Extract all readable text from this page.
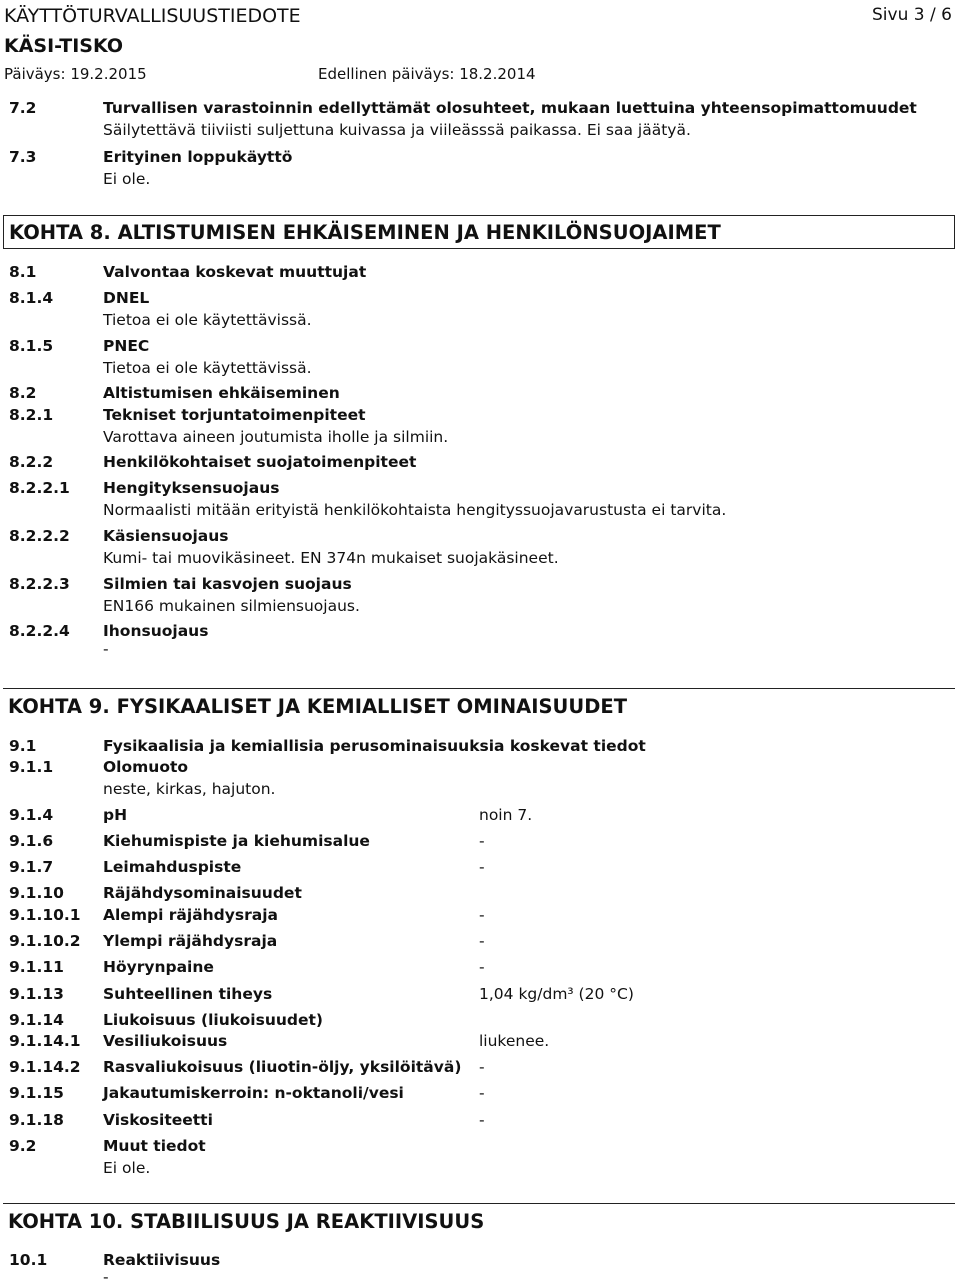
KÄYTTÖTURVALLISUUSTIEDOTE	Sivu 3 / 6
KÄSI-TISKO
Päiväys: 19.2.2015	Edellinen päiväys: 18.2.2014
7.2	Turvallisen varastoinnin edellyttämät olosuhteet, mukaan luettuina yhteensopimattomuudet
Säilytettävä tiiviisti suljettuna kuivassa ja viileässsä paikassa. Ei saa jäätyä.
7.3	Erityinen loppukäyttö
Ei ole.
KOHTA 8. ALTISTUMISEN EHKÄISEMINEN JA HENKILÖNSUOJAIMET
8.1	Valvontaa koskevat muuttujat
8.1.4	DNEL
Tietoa ei ole käytettävissä.
8.1.5	PNEC
Tietoa ei ole käytettävissä.
8.2	Altistumisen ehkäiseminen
8.2.1	Tekniset torjuntatoimenpiteet
Varottava aineen joutumista iholle ja silmiin.
8.2.2	Henkilökohtaiset suojatoimenpiteet
8.2.2.1 Hengityksensuojaus
Normaalisti mitään erityistä henkilökohtaista hengityssuojavarustusta ei tarvita.
8.2.2.2 Käsiensuojaus
Kumi- tai muovikäsineet. EN 374n mukaiset suojakäsineet.
8.2.2.3 Silmien tai kasvojen suojaus
EN166 mukainen silmiensuojaus.
8.2.2.4 Ihonsuojaus
-
KOHTA 9. FYSIKAALISET JA KEMIALLISET OMINAISUUDET
9.1	Fysikaalisia ja kemiallisia perusominaisuuksia koskevat tiedot
9.1.1	Olomuoto
neste, kirkas, hajuton.
9.1.4	pH	noin 7.
9.1.6	Kiehumispiste ja kiehumisalue	-
9.1.7	Leimahduspiste	-
9.1.10	Räjähdysominaisuudet
9.1.10.1 Alempi räjähdysraja	-
9.1.10.2 Ylempi räjähdysraja	-
9.1.11	Höyrynpaine	-
9.1.13	Suhteellinen tiheys	1,04 kg/dm³ (20 °C)
9.1.14	Liukoisuus (liukoisuudet)
9.1.14.1 Vesiliukoisuus	liukenee.
9.1.14.2 Rasvaliukoisuus (liuotin-öljy, yksilöitävä) -
9.1.15	Jakautumiskerroin: n-oktanoli/vesi	-
9.1.18	Viskositeetti	-
9.2	Muut tiedot
Ei ole.
KOHTA 10. STABIILISUUS JA REAKTIIVISUUS
10.1	Reaktiivisuus
-
